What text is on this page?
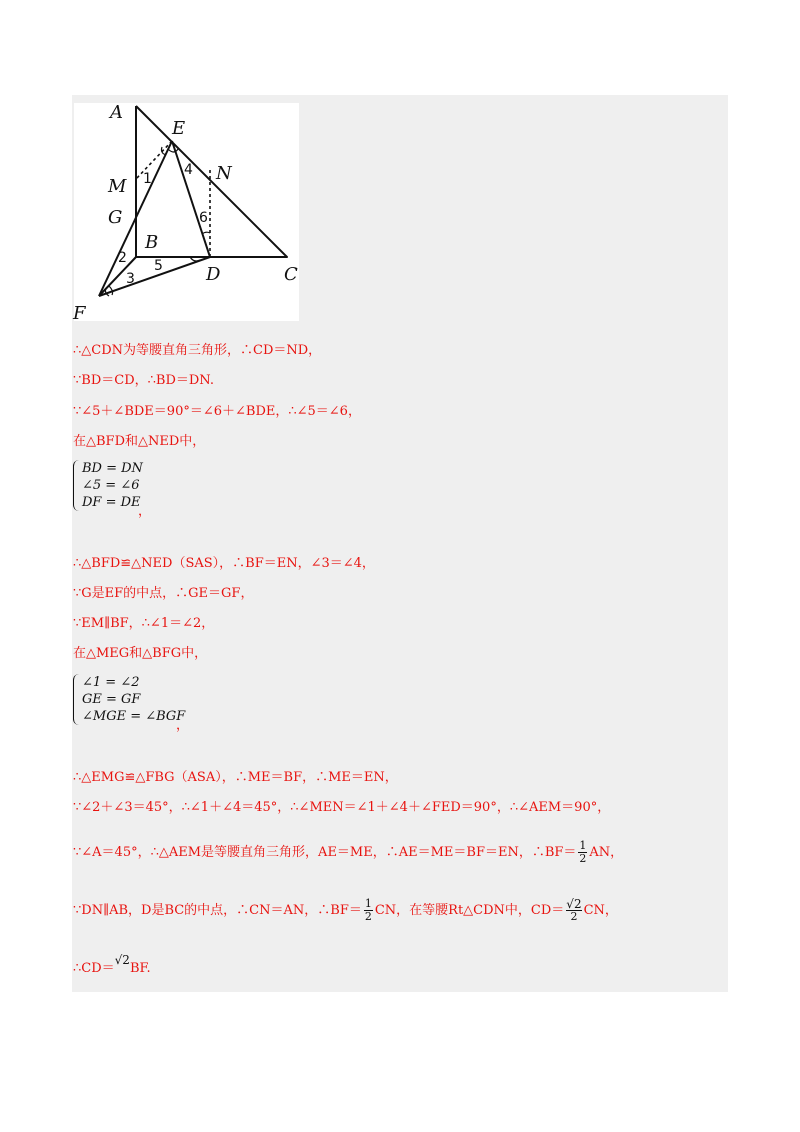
A
E
N
M
G
B
D	C
F
1
4
6
2 5
3
∴△CDN为等腰直角三角形，∴CD＝ND，
∵BD＝CD，∴BD＝DN.
∵∠5＋∠BDE＝90°＝∠6＋∠BDE，∴∠5＝∠6，
在△BFD和△NED中，
BD = DN
∠5 = ∠6
DF = DE
，
∴△BFD≌△NED（SAS），∴BF＝EN，∠3＝∠4，
∵G是EF的中点，∴GE＝GF，
∵EM∥BF，∴∠1＝∠2，
在△MEG和△BFG中，
∠1 = ∠2
GE = GF
∠MGE = ∠BGF
，
∴△EMG≌△FBG（ASA），∴ME＝BF，∴ME＝EN，
∵∠2＋∠3＝45°，∴∠1＋∠4＝45°，∴∠MEN＝∠1＋∠4＋∠FED＝90°，∴∠AEM＝90°，
∵∠A＝45°，∴△AEM是等腰直角三角形，AE＝ME，∴AE＝ME＝BF＝EN，∴BF＝ $\frac{1}{2}$ AN，
∵DN∥AB，D是BC的中点，∴CN＝AN，∴BF＝ $\frac{1}{2}$ CN，在等腰Rt△CDN中，$CD= \frac{√2}{2}$ CN，
∴CD＝√2BF.
